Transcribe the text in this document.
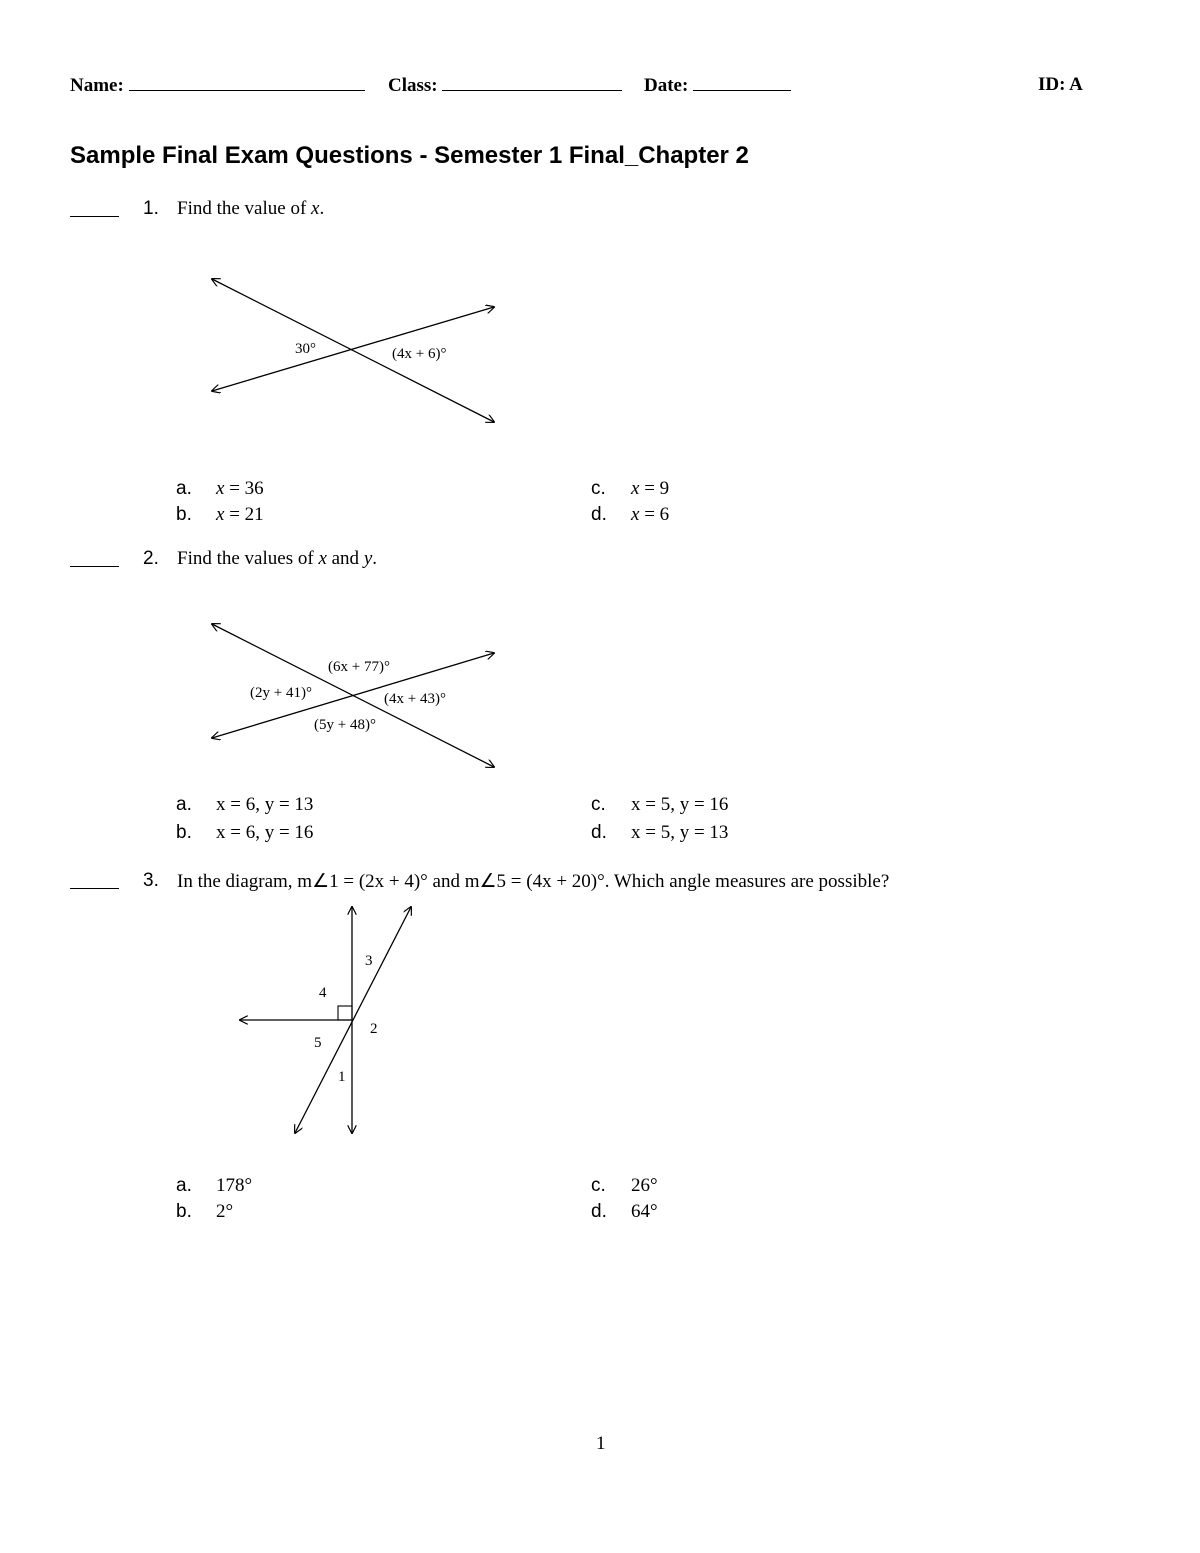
Name:	Class:	Date:	ID: A
Sample Final Exam Questions - Semester 1 Final_Chapter 2
1. Find the value of x.
30°	(4x + 6)°
a. x = 36
b. x = 21
c. x = 9
d. x = 6
2. Find the values of x and y.
(6x + 77)°
(2y + 41)°	(4x + 43)°
(5y + 48)°
a. x = 6, y = 13
b. x = 6, y = 16
c. x = 5, y = 16
d. x = 5, y = 13
3. In the diagram, m∠1 = (2x + 4)° and m∠5 = (4x + 20)°. Which angle measures are possible?
3
4
2
5
1
a. 178°
b. 2°
c. 26°
d. 64°
1
